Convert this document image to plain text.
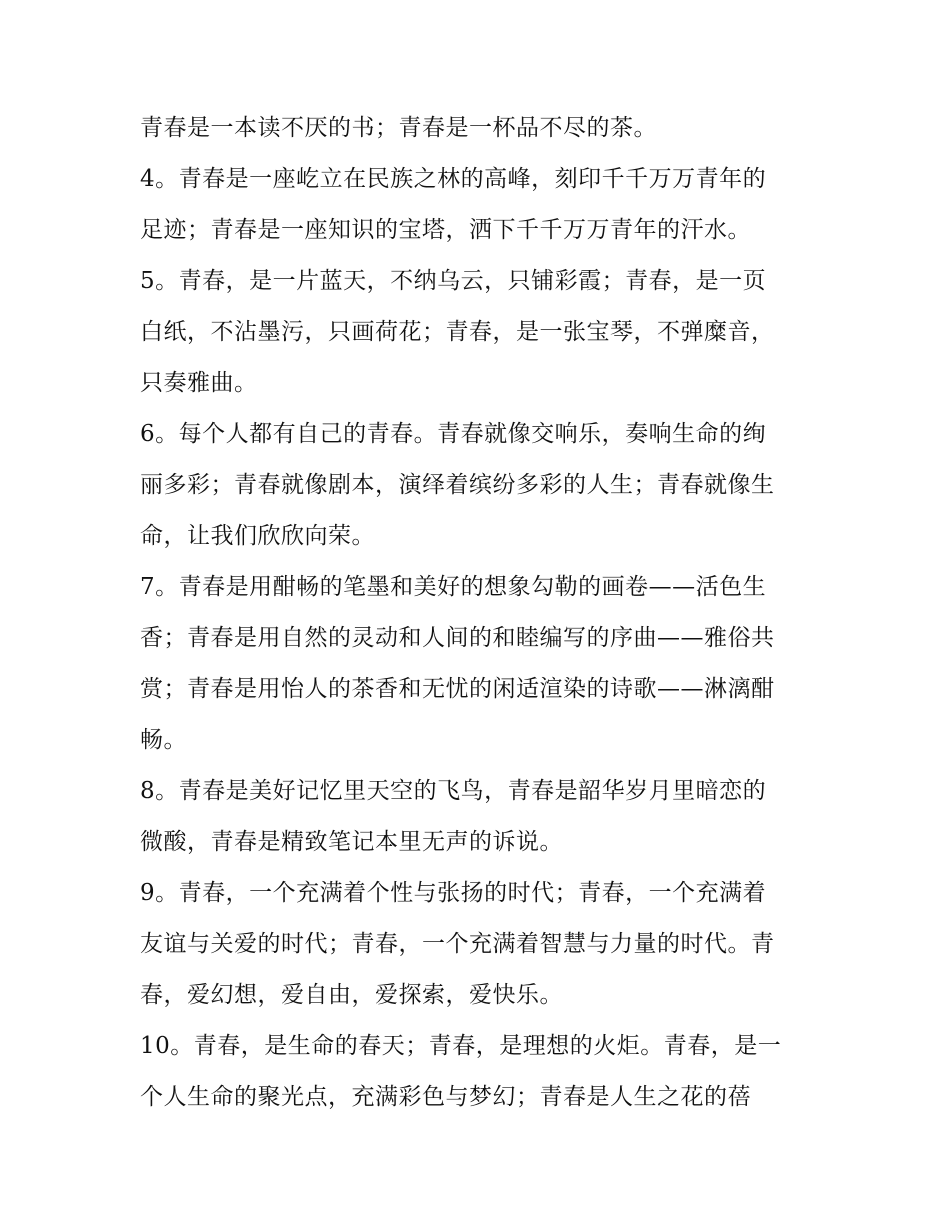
青春是一本读不厌的书；青春是一杯品不尽的茶。
4。青春是一座屹立在民族之林的高峰，刻印千千万万青年的
足迹；青春是一座知识的宝塔，洒下千千万万青年的汗水。
5。青春，是一片蓝天，不纳乌云，只铺彩霞；青春，是一页
白纸，不沾墨污，只画荷花；青春，是一张宝琴，不弹糜音，
只奏雅曲。
6。每个人都有自己的青春。青春就像交响乐，奏响生命的绚
丽多彩；青春就像剧本，演绎着缤纷多彩的人生；青春就像生
命，让我们欣欣向荣。
7。青春是用酣畅的笔墨和美好的想象勾勒的画卷——活色生
香；青春是用自然的灵动和人间的和睦编写的序曲——雅俗共
赏；青春是用怡人的茶香和无忧的闲适渲染的诗歌——淋漓酣
畅。
8。青春是美好记忆里天空的飞鸟，青春是韶华岁月里暗恋的
微酸，青春是精致笔记本里无声的诉说。
9。青春，一个充满着个性与张扬的时代；青春，一个充满着
友谊与关爱的时代；青春，一个充满着智慧与力量的时代。青
春，爱幻想，爱自由，爱探索，爱快乐。
10。青春，是生命的春天；青春，是理想的火炬。青春，是一
个人生命的聚光点，充满彩色与梦幻；青春是人生之花的蓓
